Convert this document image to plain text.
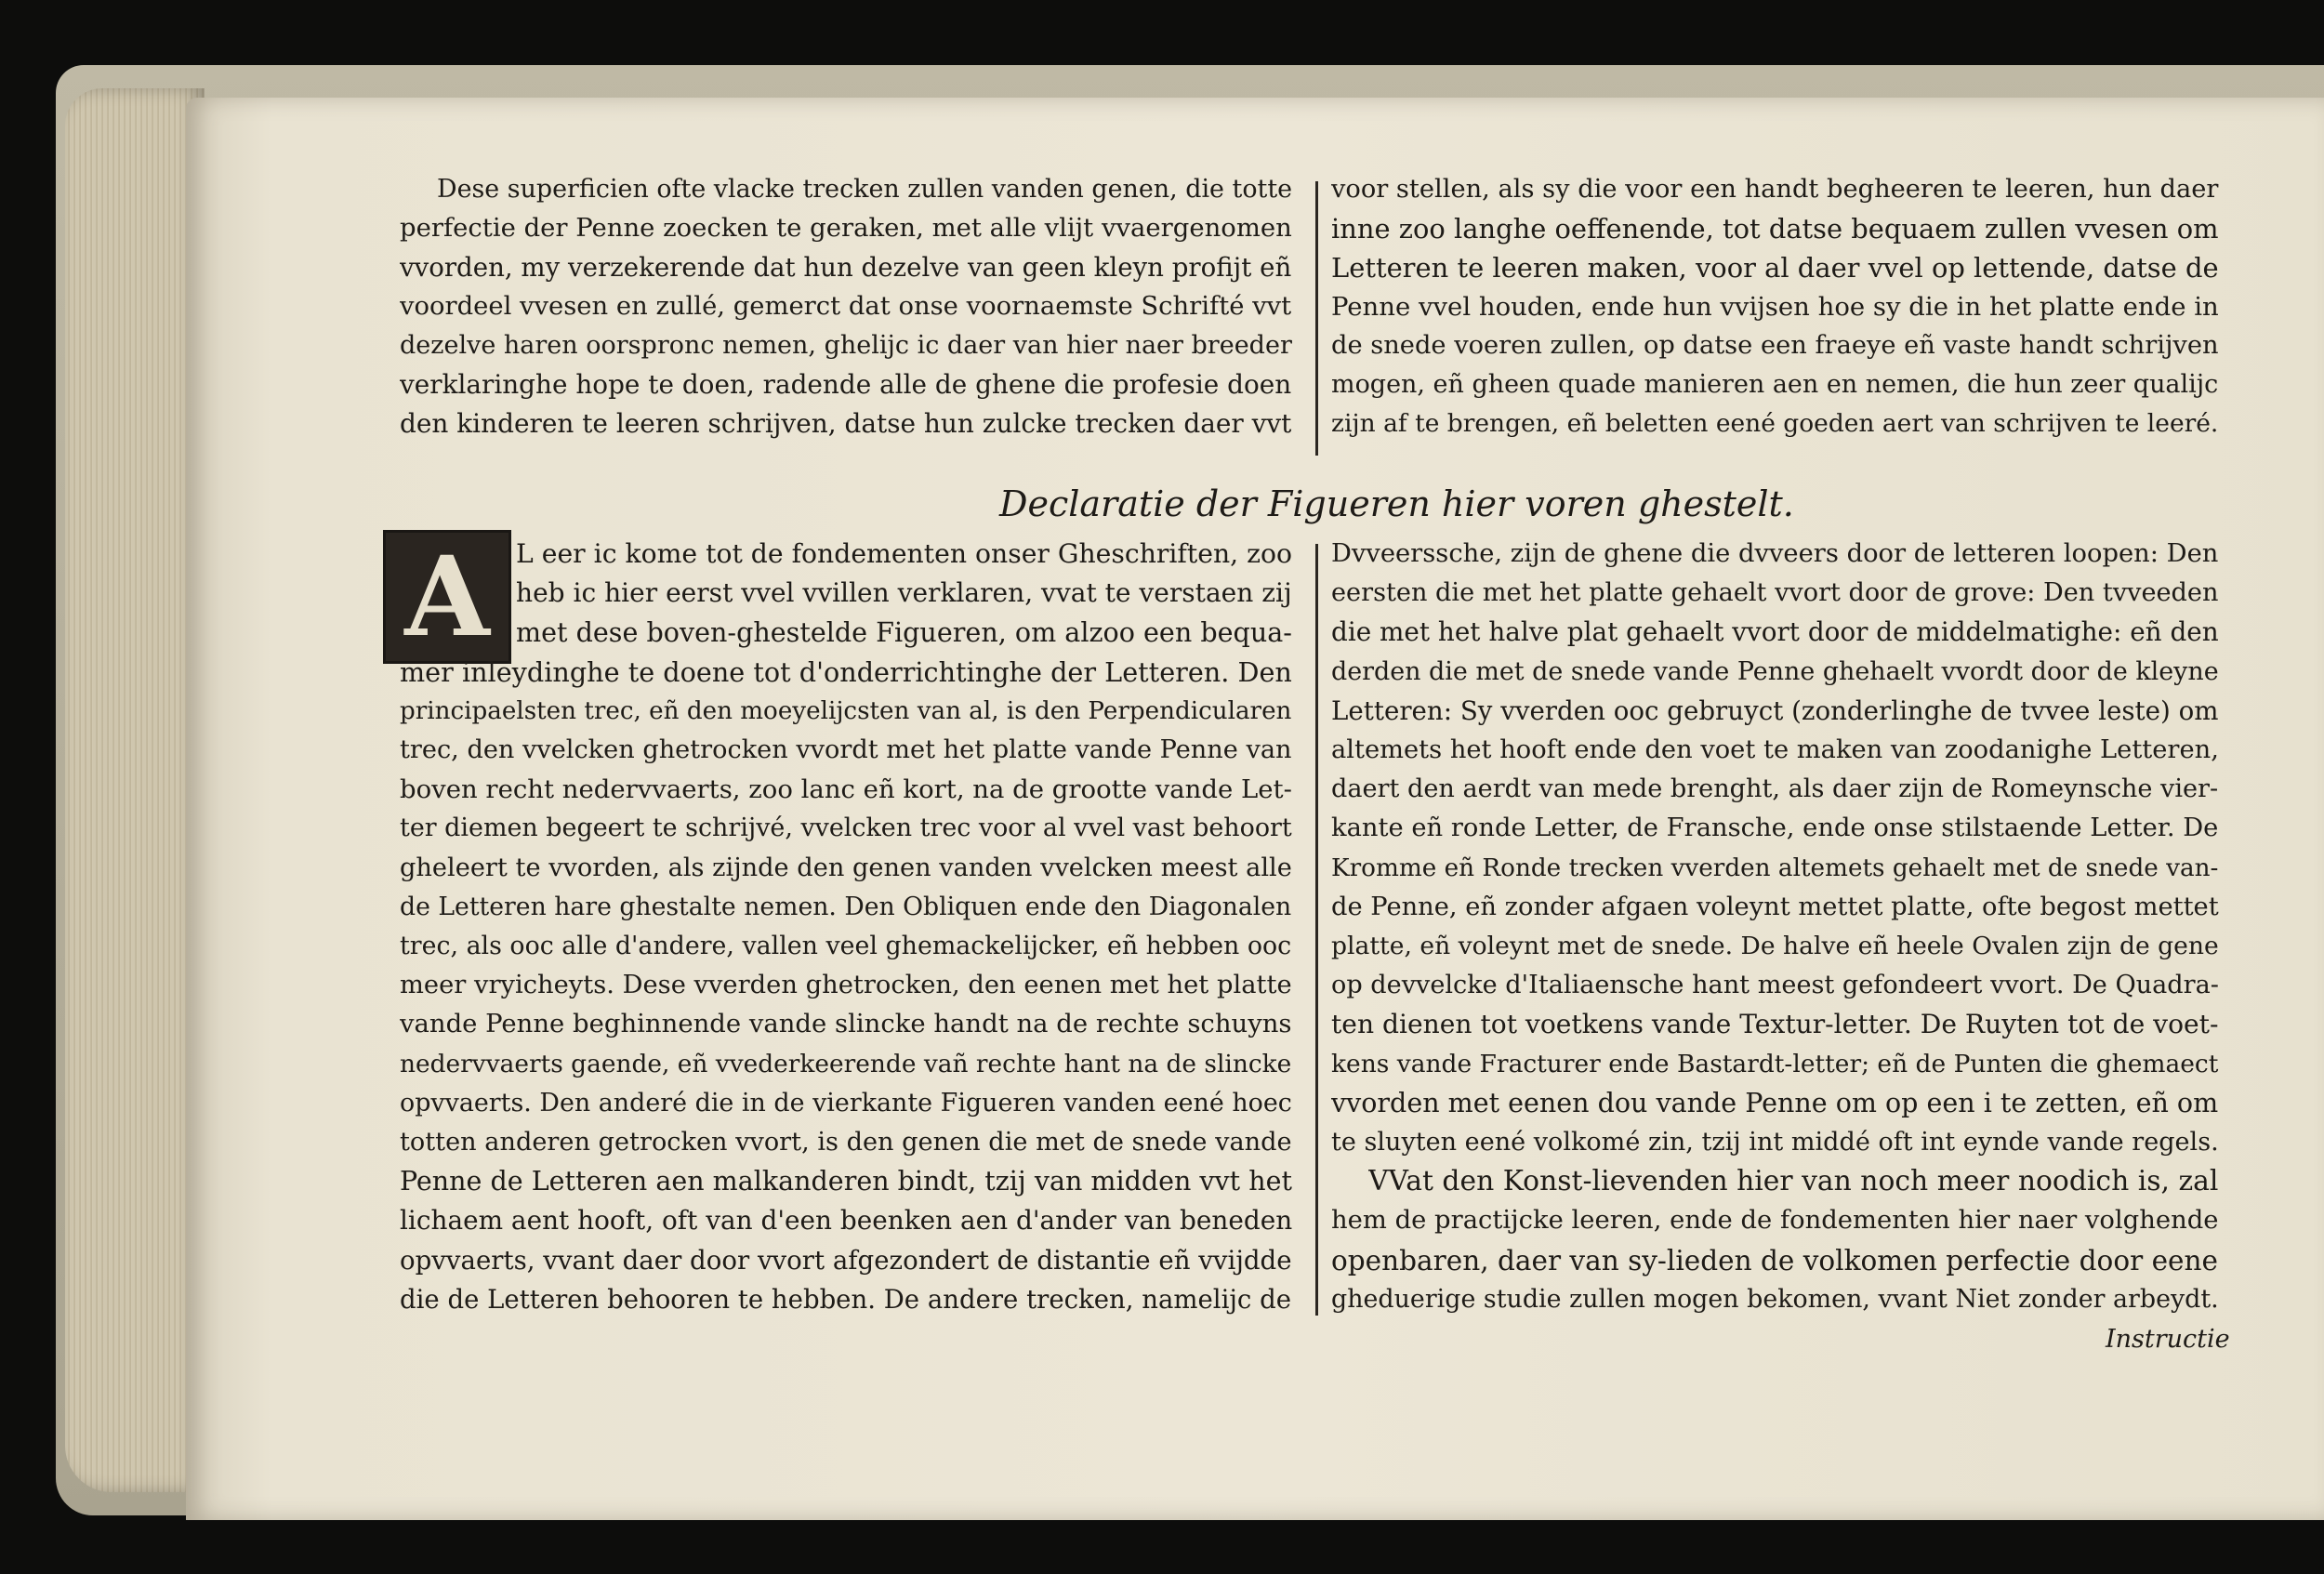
Dese superficien ofte vlacke trecken zullen vanden genen, die totte
perfectie der Penne zoecken te geraken, met alle vlijt vvaergenomen
vvorden, my verzekerende dat hun dezelve van geen kleyn profijt eñ
voordeel vvesen en zullé, gemerct dat onse voornaemste Schrifté vvt
dezelve haren oorspronc nemen, ghelijc ic daer van hier naer breeder
verklaringhe hope te doen, radende alle de ghene die profesie doen
den kinderen te leeren schrijven, datse hun zulcke trecken daer vvt
voor stellen, als sy die voor een handt begheeren te leeren, hun daer
inne zoo langhe oeffenende, tot datse bequaem zullen vvesen om
Letteren te leeren maken, voor al daer vvel op lettende, datse de
Penne vvel houden, ende hun vvijsen hoe sy die in het platte ende in
de snede voeren zullen, op datse een fraeye eñ vaste handt schrijven
mogen, eñ gheen quade manieren aen en nemen, die hun zeer qualijc
zijn af te brengen, eñ beletten eené goeden aert van schrijven te leeré.
Declaratie der Figueren hier voren ghestelt.
A L eer ic kome tot de fondementen onser Gheschriften, zoo
heb ic hier eerst vvel vvillen verklaren, vvat te verstaen zij
met dese boven-ghestelde Figueren, om alzoo een bequa-
mer inleydinghe te doene tot d'onderrichtinghe der Letteren. Den
principaelsten trec, eñ den moeyelijcsten van al, is den Perpendicularen
trec, den vvelcken ghetrocken vvordt met het platte vande Penne van
boven recht nedervvaerts, zoo lanc eñ kort, na de grootte vande Let-
ter diemen begeert te schrijvé, vvelcken trec voor al vvel vast behoort
gheleert te vvorden, als zijnde den genen vanden vvelcken meest alle
de Letteren hare ghestalte nemen. Den Obliquen ende den Diagonalen
trec, als ooc alle d'andere, vallen veel ghemackelijcker, eñ hebben ooc
meer vryicheyts. Dese vverden ghetrocken, den eenen met het platte
vande Penne beghinnende vande slincke handt na de rechte schuyns
nedervvaerts gaende, eñ vvederkeerende vañ rechte hant na de slincke
opvvaerts. Den anderé die in de vierkante Figueren vanden eené hoec
totten anderen getrocken vvort, is den genen die met de snede vande
Penne de Letteren aen malkanderen bindt, tzij van midden vvt het
lichaem aent hooft, oft van d'een beenken aen d'ander van beneden
opvvaerts, vvant daer door vvort afgezondert de distantie eñ vvijdde
die de Letteren behooren te hebben. De andere trecken, namelijc de
Dvveerssche, zijn de ghene die dvveers door de letteren loopen: Den
eersten die met het platte gehaelt vvort door de grove: Den tvveeden
die met het halve plat gehaelt vvort door de middelmatighe: eñ den
derden die met de snede vande Penne ghehaelt vvordt door de kleyne
Letteren: Sy vverden ooc gebruyct (zonderlinghe de tvvee leste) om
altemets het hooft ende den voet te maken van zoodanighe Letteren,
daert den aerdt van mede brenght, als daer zijn de Romeynsche vier-
kante eñ ronde Letter, de Fransche, ende onse stilstaende Letter. De
Kromme eñ Ronde trecken vverden altemets gehaelt met de snede van-
de Penne, eñ zonder afgaen voleynt mettet platte, ofte begost mettet
platte, eñ voleynt met de snede. De halve eñ heele Ovalen zijn de gene
op devvelcke d'Italiaensche hant meest gefondeert vvort. De Quadra-
ten dienen tot voetkens vande Textur-letter. De Ruyten tot de voet-
kens vande Fracturer ende Bastardt-letter; eñ de Punten die ghemaect
vvorden met eenen dou vande Penne om op een i te zetten, eñ om
te sluyten eené volkomé zin, tzij int middé oft int eynde vande regels.
VVat den Konst-lievenden hier van noch meer noodich is, zal
hem de practijcke leeren, ende de fondementen hier naer volghende
openbaren, daer van sy-lieden de volkomen perfectie door eene
gheduerige studie zullen mogen bekomen, vvant Niet zonder arbeydt.
Instructie
